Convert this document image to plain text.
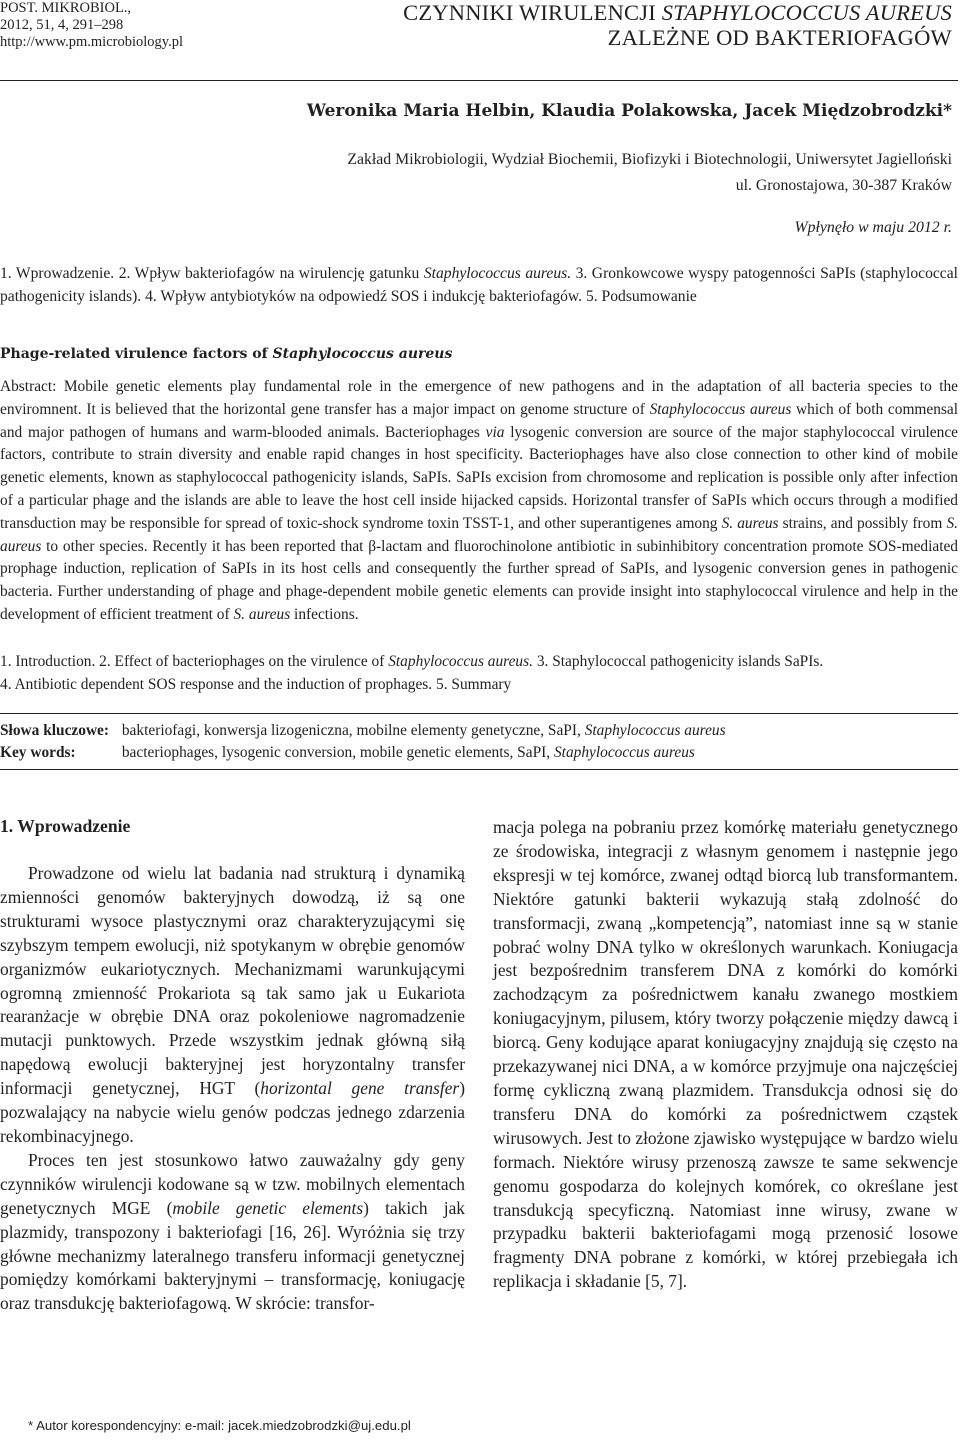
POST. MIKROBIOL.,
2012, 51, 4, 291–298
http://www.pm.microbiology.pl
CZYNNIKI WIRULENCJI STAPHYLOCOCCUS AUREUS
ZALEŻNE OD BAKTERIOFAGÓW
Weronika Maria Helbin, Klaudia Polakowska, Jacek Międzobrodzki*
Zakład Mikrobiologii, Wydział Biochemii, Biofizyki i Biotechnologii, Uniwersytet Jagielloński
ul. Gronostajowa, 30-387 Kraków
Wpłynęło w maju 2012 r.
1. Wprowadzenie. 2. Wpływ bakteriofagów na wirulencję gatunku Staphylococcus aureus. 3. Gronkowcowe wyspy patogenności SaPIs (staphylococcal pathogenicity islands). 4. Wpływ antybiotyków na odpowiedź SOS i indukcję bakteriofagów. 5. Podsumowanie
Phage-related virulence factors of Staphylococcus aureus
Abstract: Mobile genetic elements play fundamental role in the emergence of new pathogens and in the adaptation of all bacteria species to the enviromnent. It is believed that the horizontal gene transfer has a major impact on genome structure of Staphylococcus aureus which of both commensal and major pathogen of humans and warm-blooded animals. Bacteriophages via lysogenic conversion are source of the major staphylococcal virulence factors, contribute to strain diversity and enable rapid changes in host specificity. Bacteriophages have also close connection to other kind of mobile genetic elements, known as staphylococcal pathogenicity islands, SaPIs. SaPIs excision from chromosome and replication is possible only after infection of a particular phage and the islands are able to leave the host cell inside hijacked capsids. Horizontal transfer of SaPIs which occurs through a modified transduction may be responsible for spread of toxic-shock syndrome toxin TSST-1, and other superantigenes among S. aureus strains, and possibly from S. aureus to other species. Recently it has been reported that β-lactam and fluorochinolone antibiotic in subinhibitory concentration promote SOS-mediated prophage induction, replication of SaPIs in its host cells and consequently the further spread of SaPIs, and lysogenic conversion genes in pathogenic bacteria. Further understanding of phage and phage-dependent mobile genetic elements can provide insight into staphylococcal virulence and help in the development of efficient treatment of S. aureus infections.
1. Introduction. 2. Effect of bacteriophages on the virulence of Staphylococcus aureus. 3. Staphylococcal pathogenicity islands SaPIs.
4. Antibiotic dependent SOS response and the induction of prophages. 5. Summary
Słowa kluczowe: bakteriofagi, konwersja lizogeniczna, mobilne elementy genetyczne, SaPI, Staphylococcus aureus
Key words:	bacteriophages, lysogenic conversion, mobile genetic elements, SaPI, Staphylococcus aureus
1. Wprowadzenie

Prowadzone od wielu lat badania nad strukturą i dynamiką zmienności genomów bakteryjnych dowodzą, iż są one strukturami wysoce plastycznymi oraz charakteryzującymi się szybszym tempem ewolucji, niż spotykanym w obrębie genomów organizmów eukariotycznych. Mechanizmami warunkującymi ogromną zmienność Prokariota są tak samo jak u Eukariota rearanżacje w obrębie DNA oraz pokoleniowe nagromadzenie mutacji punktowych. Przede wszystkim jednak główną siłą napędową ewolucji bakteryjnej jest horyzontalny transfer informacji genetycznej, HGT (horizontal gene transfer) pozwalający na nabycie wielu genów podczas jednego zdarzenia rekombinacyjnego.

Proces ten jest stosunkowo łatwo zauważalny gdy geny czynników wirulencji kodowane są w tzw. mobilnych elementach genetycznych MGE (mobile genetic elements) takich jak plazmidy, transpozony i bakteriofagi [16, 26]. Wyróżnia się trzy główne mechanizmy lateralnego transferu informacji genetycznej pomiędzy komórkami bakteryjnymi – transformację, koniugację oraz transdukcję bakteriofagową. W skrócie: transfor-

macja polega na pobraniu przez komórkę materiału genetycznego ze środowiska, integracji z własnym genomem i następnie jego ekspresji w tej komórce, zwanej odtąd biorcą lub transformantem. Niektóre gatunki bakterii wykazują stałą zdolność do transformacji, zwaną „kompetencją”, natomiast inne są w stanie pobrać wolny DNA tylko w określonych warunkach. Koniugacja jest bezpośrednim transferem DNA z komórki do komórki zachodzącym za pośrednictwem kanału zwanego mostkiem koniugacyjnym, pilusem, który tworzy połączenie między dawcą i biorcą. Geny kodujące aparat koniugacyjny znajdują się często na przekazywanej nici DNA, a w komórce przyjmuje ona najczęściej formę cykliczną zwaną plazmidem. Transdukcja odnosi się do transferu DNA do komórki za pośrednictwem cząstek wirusowych. Jest to złożone zjawisko występujące w bardzo wielu formach. Niektóre wirusy przenoszą zawsze te same sekwencje genomu gospodarza do kolejnych komórek, co określane jest transdukcją specyficzną. Natomiast inne wirusy, zwane w przypadku bakterii bakteriofagami mogą przenosić losowe fragmenty DNA pobrane z komórki, w której przebiegała ich replikacja i składanie [5, 7].

* Autor korespondencyjny: e-mail: jacek.miedzobrodzki@uj.edu.pl
